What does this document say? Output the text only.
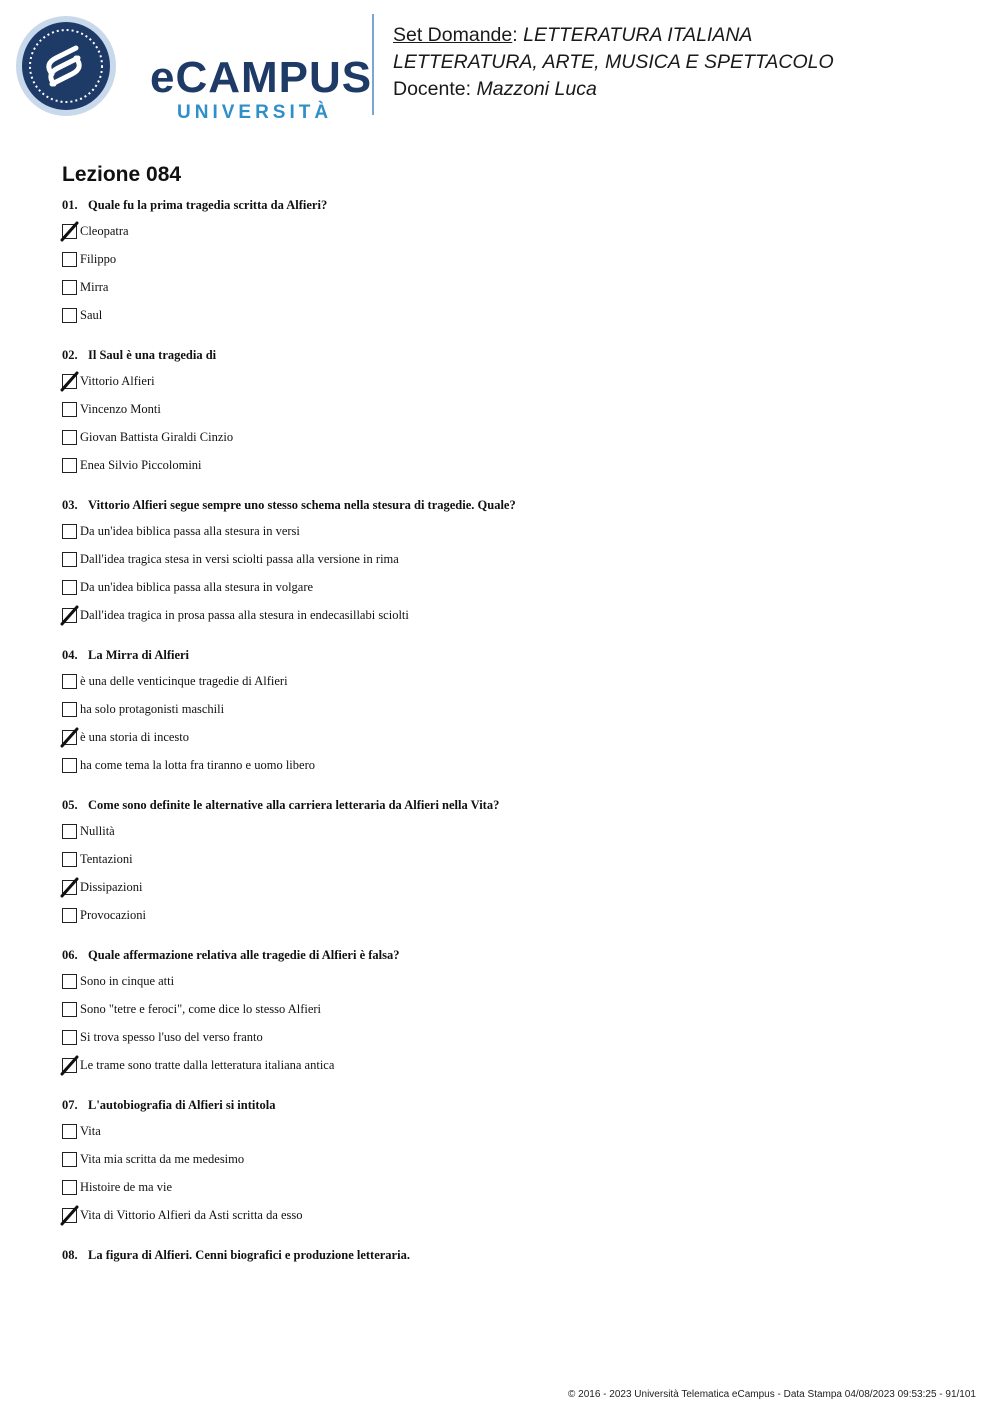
eCAMPUS
UNIVERSITÀ
Set Domande: LETTERATURA ITALIANA
LETTERATURA, ARTE, MUSICA E SPETTACOLO
Docente: Mazzoni Luca
Lezione 084
01. Quale fu la prima tragedia scritta da Alfieri?
Cleopatra
Filippo
Mirra
Saul
02. Il Saul è una tragedia di
Vittorio Alfieri
Vincenzo Monti
Giovan Battista Giraldi Cinzio
Enea Silvio Piccolomini
03. Vittorio Alfieri segue sempre uno stesso schema nella stesura di tragedie. Quale?
Da un'idea biblica passa alla stesura in versi
Dall'idea tragica stesa in versi sciolti passa alla versione in rima
Da un'idea biblica passa alla stesura in volgare
Dall'idea tragica in prosa passa alla stesura in endecasillabi sciolti
04. La Mirra di Alfieri
è una delle venticinque tragedie di Alfieri
ha solo protagonisti maschili
è una storia di incesto
ha come tema la lotta fra tiranno e uomo libero
05. Come sono definite le alternative alla carriera letteraria da Alfieri nella Vita?
Nullità
Tentazioni
Dissipazioni
Provocazioni
06. Quale affermazione relativa alle tragedie di Alfieri è falsa?
Sono in cinque atti
Sono "tetre e feroci", come dice lo stesso Alfieri
Si trova spesso l'uso del verso franto
Le trame sono tratte dalla letteratura italiana antica
07. L'autobiografia di Alfieri si intitola
Vita
Vita mia scritta da me medesimo
Histoire de ma vie
Vita di Vittorio Alfieri da Asti scritta da esso
08. La figura di Alfieri. Cenni biografici e produzione letteraria.
© 2016 - 2023 Università Telematica eCampus - Data Stampa 04/08/2023 09:53:25 - 91/101
